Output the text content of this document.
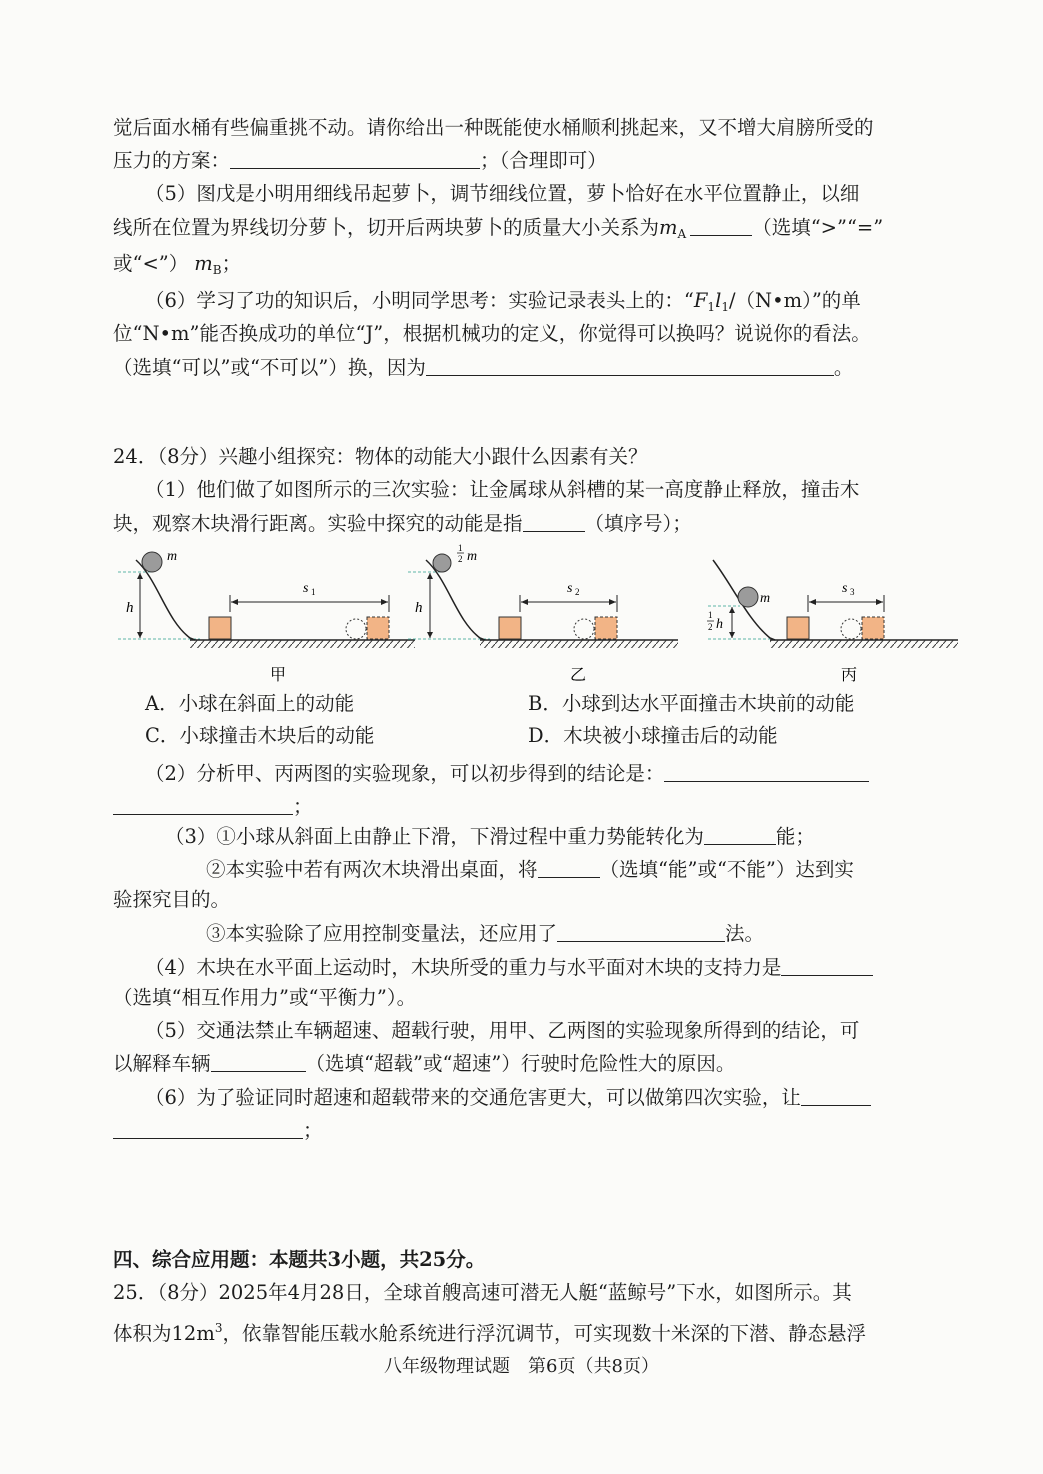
觉后面水桶有些偏重挑不动。请你给出一种既能使水桶顺利挑起来，又不增大肩膀所受的
压力的方案：	；（合理即可）
（5）图戊是小明用细线吊起萝卜，调节细线位置，萝卜恰好在水平位置静止，以细
线所在位置为界线切分萝卜，切开后两块萝卜的质量大小关系为$m_A$	（选填“>”“=”
或“<”） $m_B$；
（6）学习了功的知识后，小明同学思考：实验记录表头上的：“$F_1l_1/(N•m)$”的单
位“N•m”能否换成功的单位“J”，根据机械功的定义，你觉得可以换吗？说说你的看法。
（选填“可以”或“不可以”）换，因为	。
24．（8分）兴趣小组探究：物体的动能大小跟什么因素有关？
（1）他们做了如图所示的三次实验：让金属球从斜槽的某一高度静止释放，撞击木
块，观察木块滑行距离。实验中探究的动能是指	（填序号）；
h
m
s 1
甲
h
1
2 m
s 2
乙
1
2 h
m
s 3
丙
A．小球在斜面上的动能	B．小球到达水平面撞击木块前的动能
C．小球撞击木块后的动能	D．木块被小球撞击后的动能
（2）分析甲、丙两图的实验现象，可以初步得到的结论是：
；
（3）①小球从斜面上由静止下滑，下滑过程中重力势能转化为	能；
②本实验中若有两次木块滑出桌面，将	（选填“能”或“不能”）达到实
验探究目的。
③本实验除了应用控制变量法，还应用了	法。
（4）木块在水平面上运动时，木块所受的重力与水平面对木块的支持力是
（选填“相互作用力”或“平衡力”）。
（5）交通法禁止车辆超速、超载行驶，用甲、乙两图的实验现象所得到的结论，可
以解释车辆	（选填“超载”或“超速”）行驶时危险性大的原因。
（6）为了验证同时超速和超载带来的交通危害更大，可以做第四次实验，让
；
四、综合应用题：本题共3小题，共25分。
25．（8分）2025年4月28日，全球首艘高速可潜无人艇“蓝鲸号”下水，如图所示。其
体积为$12m^3$，依靠智能压载水舱系统进行浮沉调节，可实现数十米深的下潜、静态悬浮
八年级物理试题　第6页（共8页）
